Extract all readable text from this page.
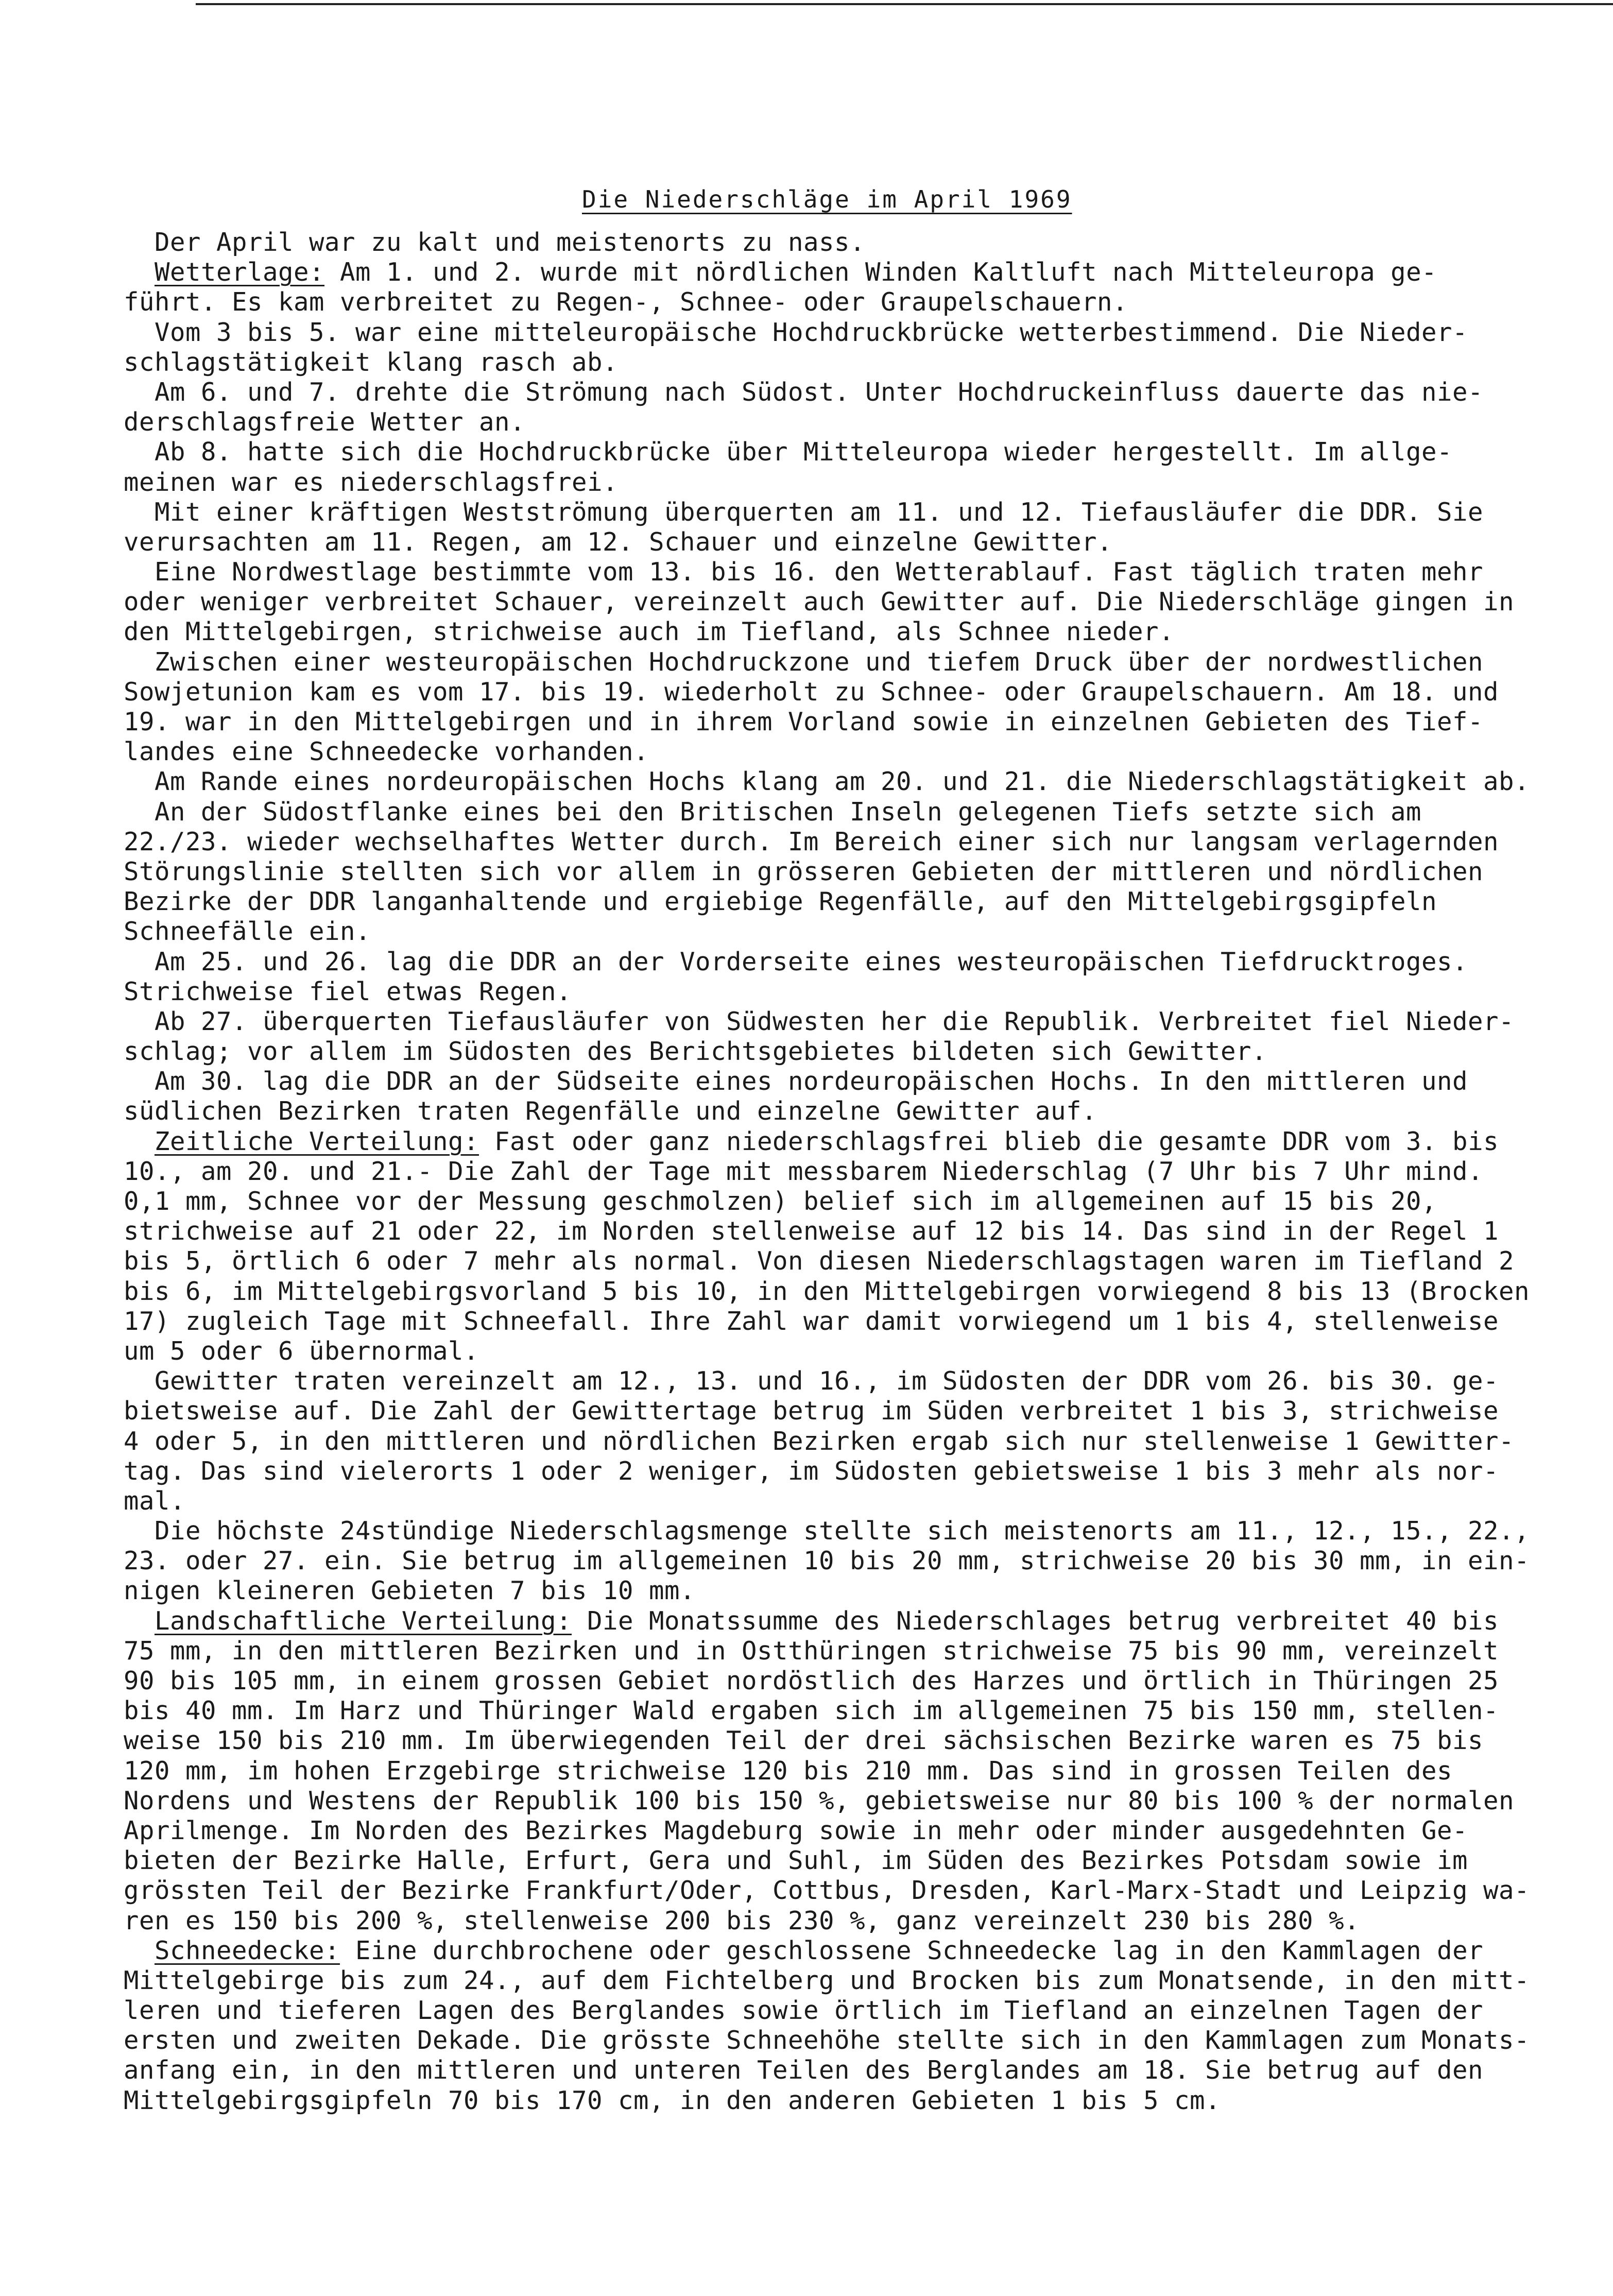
Die Niederschläge im April 1969
Der April war zu kalt und meistenorts zu nass.
Wetterlage: Am 1. und 2. wurde mit nördlichen Winden Kaltluft nach Mitteleuropa ge-
führt. Es kam verbreitet zu Regen-, Schnee- oder Graupelschauern.
Vom 3 bis 5. war eine mitteleuropäische Hochdruckbrücke wetterbestimmend. Die Nieder-
schlagstätigkeit klang rasch ab.
Am 6. und 7. drehte die Strömung nach Südost. Unter Hochdruckeinfluss dauerte das nie-
derschlagsfreie Wetter an.
Ab 8. hatte sich die Hochdruckbrücke über Mitteleuropa wieder hergestellt. Im allge-
meinen war es niederschlagsfrei.
Mit einer kräftigen Westströmung überquerten am 11. und 12. Tiefausläufer die DDR. Sie
verursachten am 11. Regen, am 12. Schauer und einzelne Gewitter.
Eine Nordwestlage bestimmte vom 13. bis 16. den Wetterablauf. Fast täglich traten mehr
oder weniger verbreitet Schauer, vereinzelt auch Gewitter auf. Die Niederschläge gingen in
den Mittelgebirgen, strichweise auch im Tiefland, als Schnee nieder.
Zwischen einer westeuropäischen Hochdruckzone und tiefem Druck über der nordwestlichen
Sowjetunion kam es vom 17. bis 19. wiederholt zu Schnee- oder Graupelschauern. Am 18. und
19. war in den Mittelgebirgen und in ihrem Vorland sowie in einzelnen Gebieten des Tief-
landes eine Schneedecke vorhanden.
Am Rande eines nordeuropäischen Hochs klang am 20. und 21. die Niederschlagstätigkeit ab.
An der Südostflanke eines bei den Britischen Inseln gelegenen Tiefs setzte sich am
22./23. wieder wechselhaftes Wetter durch. Im Bereich einer sich nur langsam verlagernden
Störungslinie stellten sich vor allem in grösseren Gebieten der mittleren und nördlichen
Bezirke der DDR langanhaltende und ergiebige Regenfälle, auf den Mittelgebirgsgipfeln
Schneefälle ein.
Am 25. und 26. lag die DDR an der Vorderseite eines westeuropäischen Tiefdrucktroges.
Strichweise fiel etwas Regen.
Ab 27. überquerten Tiefausläufer von Südwesten her die Republik. Verbreitet fiel Nieder-
schlag; vor allem im Südosten des Berichtsgebietes bildeten sich Gewitter.
Am 30. lag die DDR an der Südseite eines nordeuropäischen Hochs. In den mittleren und
südlichen Bezirken traten Regenfälle und einzelne Gewitter auf.
Zeitliche Verteilung: Fast oder ganz niederschlagsfrei blieb die gesamte DDR vom 3. bis
10., am 20. und 21.- Die Zahl der Tage mit messbarem Niederschlag (7 Uhr bis 7 Uhr mind.
0,1 mm, Schnee vor der Messung geschmolzen) belief sich im allgemeinen auf 15 bis 20,
strichweise auf 21 oder 22, im Norden stellenweise auf 12 bis 14. Das sind in der Regel 1
bis 5, örtlich 6 oder 7 mehr als normal. Von diesen Niederschlagstagen waren im Tiefland 2
bis 6, im Mittelgebirgsvorland 5 bis 10, in den Mittelgebirgen vorwiegend 8 bis 13 (Brocken
17) zugleich Tage mit Schneefall. Ihre Zahl war damit vorwiegend um 1 bis 4, stellenweise
um 5 oder 6 übernormal.
Gewitter traten vereinzelt am 12., 13. und 16., im Südosten der DDR vom 26. bis 30. ge-
bietsweise auf. Die Zahl der Gewittertage betrug im Süden verbreitet 1 bis 3, strichweise
4 oder 5, in den mittleren und nördlichen Bezirken ergab sich nur stellenweise 1 Gewitter-
tag. Das sind vielerorts 1 oder 2 weniger, im Südosten gebietsweise 1 bis 3 mehr als nor-
mal.
Die höchste 24stündige Niederschlagsmenge stellte sich meistenorts am 11., 12., 15., 22.,
23. oder 27. ein. Sie betrug im allgemeinen 10 bis 20 mm, strichweise 20 bis 30 mm, in ein-
nigen kleineren Gebieten 7 bis 10 mm.
Landschaftliche Verteilung: Die Monatssumme des Niederschlages betrug verbreitet 40 bis
75 mm, in den mittleren Bezirken und in Ostthüringen strichweise 75 bis 90 mm, vereinzelt
90 bis 105 mm, in einem grossen Gebiet nordöstlich des Harzes und örtlich in Thüringen 25
bis 40 mm. Im Harz und Thüringer Wald ergaben sich im allgemeinen 75 bis 150 mm, stellen-
weise 150 bis 210 mm. Im überwiegenden Teil der drei sächsischen Bezirke waren es 75 bis
120 mm, im hohen Erzgebirge strichweise 120 bis 210 mm. Das sind in grossen Teilen des
Nordens und Westens der Republik 100 bis 150 %, gebietsweise nur 80 bis 100 % der normalen
Aprilmenge. Im Norden des Bezirkes Magdeburg sowie in mehr oder minder ausgedehnten Ge-
bieten der Bezirke Halle, Erfurt, Gera und Suhl, im Süden des Bezirkes Potsdam sowie im
grössten Teil der Bezirke Frankfurt/Oder, Cottbus, Dresden, Karl-Marx-Stadt und Leipzig wa-
ren es 150 bis 200 %, stellenweise 200 bis 230 %, ganz vereinzelt 230 bis 280 %.
Schneedecke: Eine durchbrochene oder geschlossene Schneedecke lag in den Kammlagen der
Mittelgebirge bis zum 24., auf dem Fichtelberg und Brocken bis zum Monatsende, in den mitt-
leren und tieferen Lagen des Berglandes sowie örtlich im Tiefland an einzelnen Tagen der
ersten und zweiten Dekade. Die grösste Schneehöhe stellte sich in den Kammlagen zum Monats-
anfang ein, in den mittleren und unteren Teilen des Berglandes am 18. Sie betrug auf den
Mittelgebirgsgipfeln 70 bis 170 cm, in den anderen Gebieten 1 bis 5 cm.
